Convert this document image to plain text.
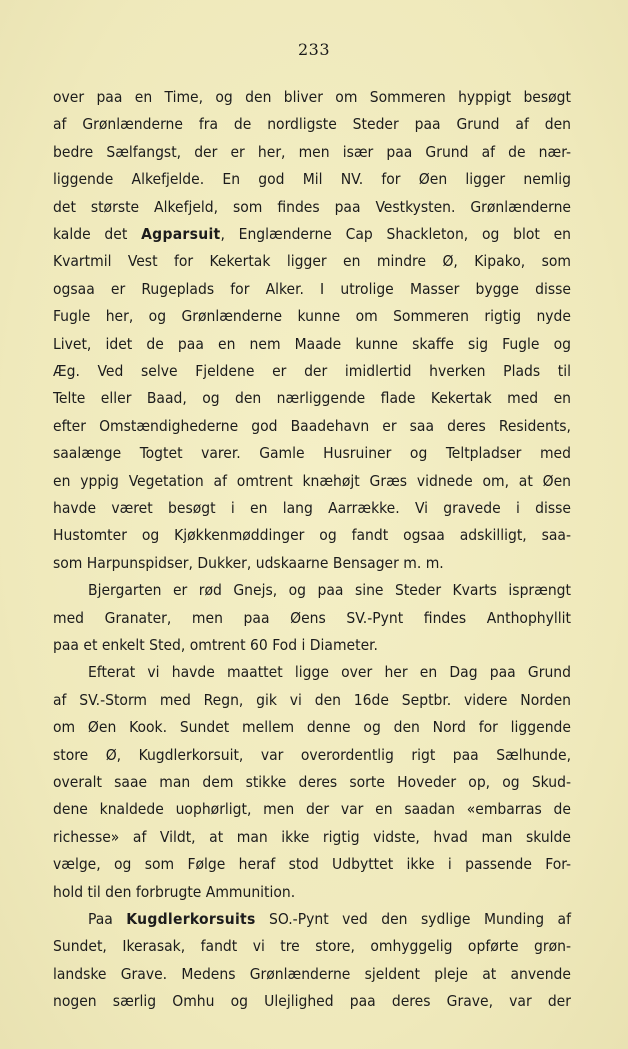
233
over paa en Time, og den bliver om Sommeren hyppigt besøgt
af Grønlænderne fra de nordligste Steder paa Grund af den
bedre Sælfangst, der er her, men især paa Grund af de nær-
liggende Alkefjelde. En god Mil NV. for Øen ligger nemlig
det største Alkefjeld, som findes paa Vestkysten. Grønlænderne
kalde det Agparsuit, Englænderne Cap Shackleton, og blot en
Kvartmil Vest for Kekertak ligger en mindre Ø, Kipako, som
ogsaa er Rugeplads for Alker. I utrolige Masser bygge disse
Fugle her, og Grønlænderne kunne om Sommeren rigtig nyde
Livet, idet de paa en nem Maade kunne skaffe sig Fugle og
Æg. Ved selve Fjeldene er der imidlertid hverken Plads til
Telte eller Baad, og den nærliggende flade Kekertak med en
efter Omstændighederne god Baadehavn er saa deres Residents,
saalænge Togtet varer. Gamle Husruiner og Teltpladser med
en yppig Vegetation af omtrent knæhøjt Græs vidnede om, at Øen
havde været besøgt i en lang Aarrække. Vi gravede i disse
Hustomter og Kjøkkenmøddinger og fandt ogsaa adskilligt, saa-
som Harpunspidser, Dukker, udskaarne Bensager m. m.
Bjergarten er rød Gnejs, og paa sine Steder Kvarts isprængt
med Granater, men paa Øens SV.-Pynt findes Anthophyllit
paa et enkelt Sted, omtrent 60 Fod i Diameter.
Efterat vi havde maattet ligge over her en Dag paa Grund
af SV.-Storm med Regn, gik vi den 16de Septbr. videre Norden
om Øen Kook. Sundet mellem denne og den Nord for liggende
store Ø, Kugdlerkorsuit, var overordentlig rigt paa Sælhunde,
overalt saae man dem stikke deres sorte Hoveder op, og Skud-
dene knaldede uophørligt, men der var en saadan «embarras de
richesse» af Vildt, at man ikke rigtig vidste, hvad man skulde
vælge, og som Følge heraf stod Udbyttet ikke i passende For-
hold til den forbrugte Ammunition.
Paa Kugdlerkorsuits SO.-Pynt ved den sydlige Munding af
Sundet, Ikerasak, fandt vi tre store, omhyggelig opførte grøn-
landske Grave. Medens Grønlænderne sjeldent pleje at anvende
nogen særlig Omhu og Ulejlighed paa deres Grave, var der
